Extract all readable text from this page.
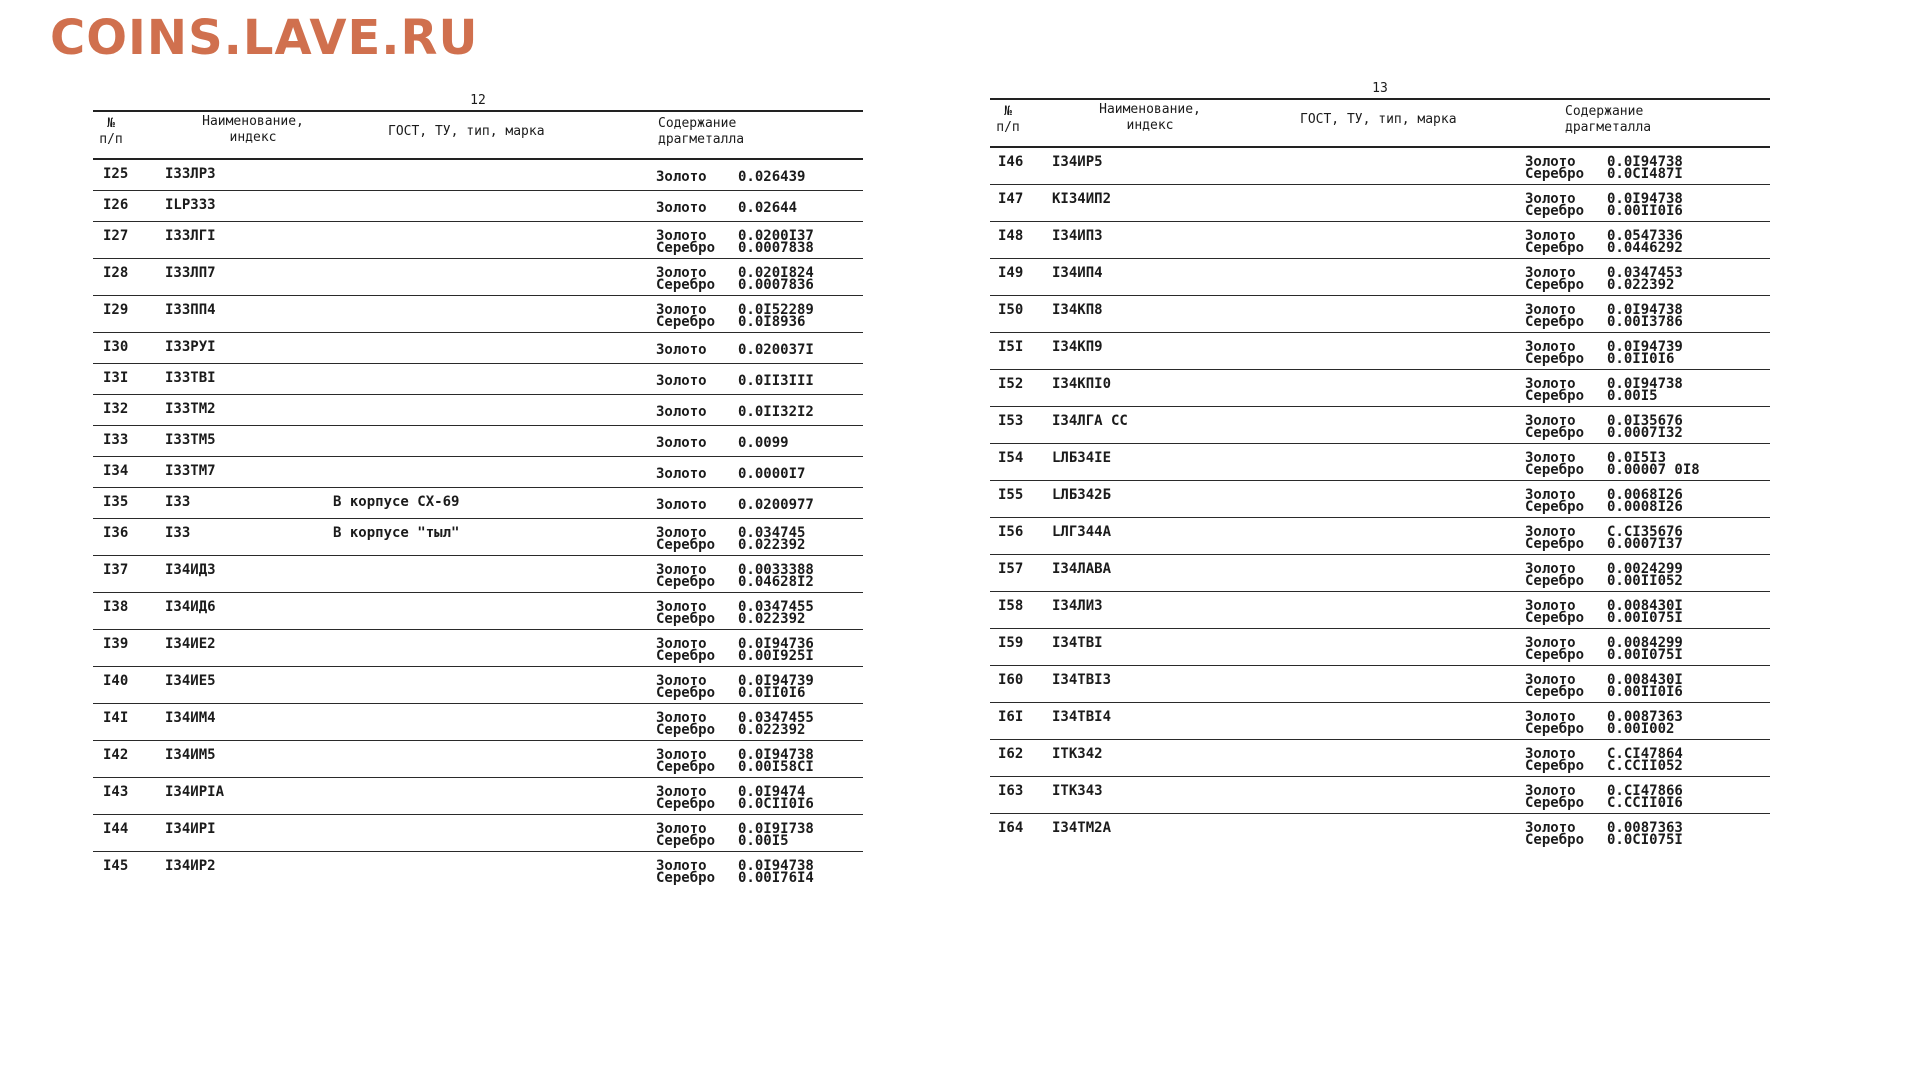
COINS.LAVE.RU
12
№
п/п
Наименование,
индекс	ГОСТ, ТУ, тип, марка
Содержание
драгметалла
I25	I33ЛР3	Золото 0.026439
I26	ILР333	Золото 0.02644
I27	I33ЛГI	Золото 0.0200I37
Серебро 0.0007838
I28	I33ЛП7	Золото 0.020I824
Серебро 0.0007836
I29	I33ПП4	Золото 0.0I52289
Серебро 0.0I8936
I30	I33РУI	Золото 0.020037I
I3I	I33ТВI	Золото 0.0II3III
I32	I33ТМ2	Золото 0.0II32I2
I33	I33ТМ5	Золото 0.0099
I34	I33ТМ7	Золото 0.0000I7
I35	I33	В корпусе СХ-69	Золото 0.0200977
I36	I33	В корпусе "тыл"	Золото 0.034745
Серебро 0.022392
I37	I34ИД3	Золото 0.0033388
Серебро 0.04628I2
I38	I34ИД6	Золото 0.0347455
Серебро 0.022392
I39	I34ИЕ2	Золото 0.0I94736
Серебро 0.00I925I
I40	I34ИЕ5	Золото 0.0I94739
Серебро 0.0II0I6
I4I	I34ИМ4	Золото 0.0347455
Серебро 0.022392
I42	I34ИМ5	Золото 0.0I94738
Серебро 0.00I58CI
I43	I34ИРIА	Золото 0.0I9474
Серебро 0.0CII0I6
I44	I34ИРI	Золото 0.0I9I738
Серебро 0.00I5
I45	I34ИР2	Золото 0.0I94738
Серебро 0.00I76I4
13
№
п/п
Наименование,
индекс	ГОСТ, ТУ, тип, марка
Содержание
драгметалла
I46 I34ИР5	Золото 0.0I94738
Серебро 0.0CI487I
I47 КI34ИП2	Золото 0.0I94738
Серебро 0.00II0I6
I48 I34ИП3	Золото 0.0547336
Серебро 0.0446292
I49 I34ИП4	Золото 0.0347453
Серебро 0.022392
I50 I34КП8	Золото 0.0I94738
Серебро 0.00I3786
I5I I34КП9	Золото 0.0I94739
Серебро 0.0II0I6
I52 I34КПI0	Золото 0.0I94738
Серебро 0.00I5
I53 I34ЛГА СС	Золото 0.0I35676
Серебро 0.0007I32
I54 LЛБ34IЕ	Золото 0.0I5I3
Серебро 0.00007 0I8
I55 LЛБ342Б	Золото 0.0068I26
Серебро 0.0008I26
I56 LЛГ344А	Золото C.CI35676
Серебро 0.0007I37
I57 I34ЛАВА	Золото 0.0024299
Серебро 0.00II052
I58 I34ЛИ3	Золото 0.008430I
Серебро 0.00I075I
I59 I34ТВI	Золото 0.0084299
Серебро 0.00I075I
I60 I34ТВI3	Золото 0.008430I
Серебро 0.00II0I6
I6I I34ТВI4	Золото 0.0087363
Серебро 0.00I002
I62 IТК342	Золото C.CI47864
Серебро C.CCII052
I63 IТК343	Золото 0.CI47866
Серебро C.CCII0I6
I64 I34ТМ2А	Золото 0.0087363
Серебро 0.0CI075I
